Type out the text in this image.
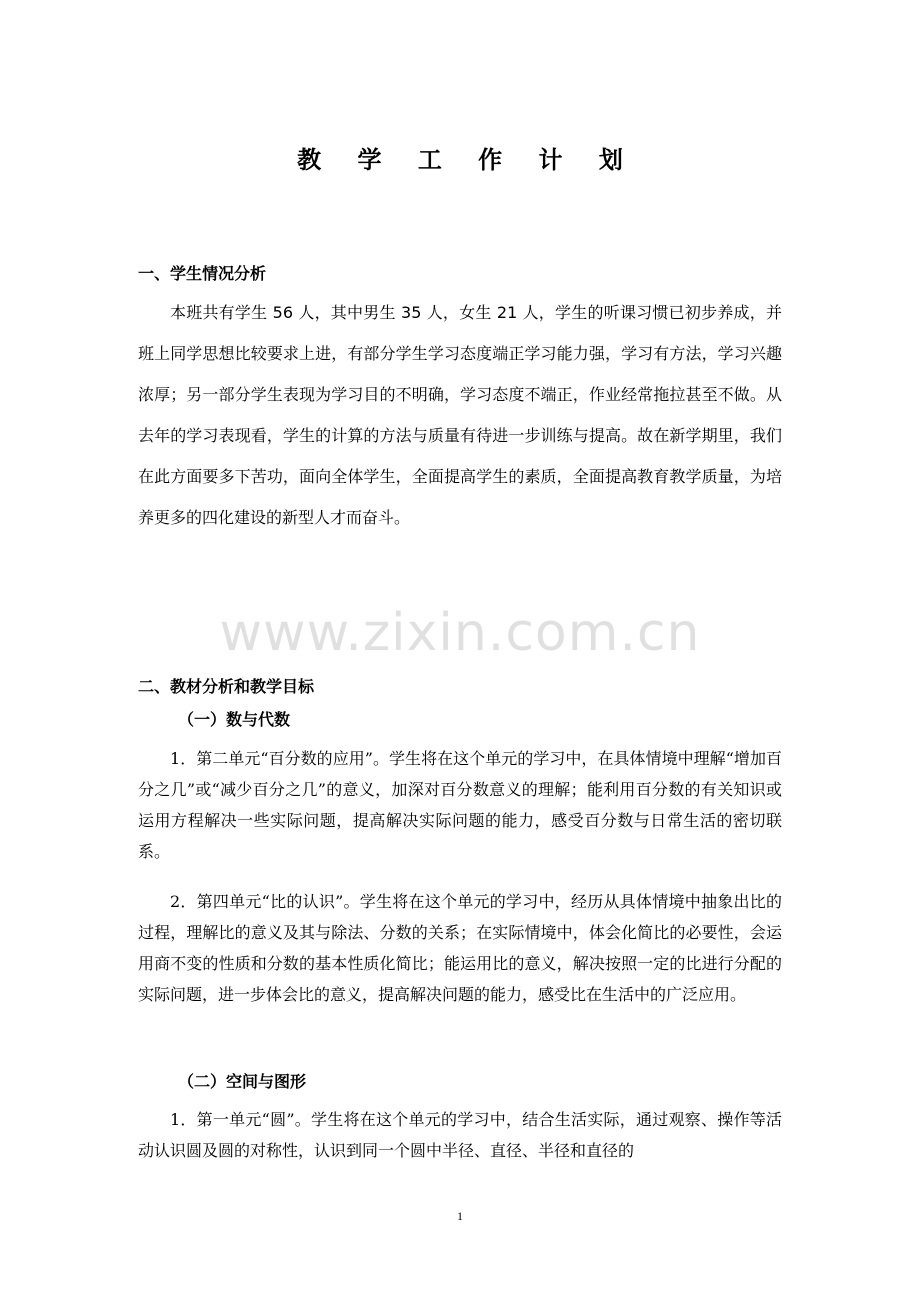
教 学 工 作 计 划
一、学生情况分析

本班共有学生 56 人，其中男生 35 人，女生 21 人，学生的听课习惯已初步养成，并班上同学思想比较要求上进，有部分学生学习态度端正学习能力强，学习有方法，学习兴趣浓厚；另一部分学生表现为学习目的不明确，学习态度不端正，作业经常拖拉甚至不做。从去年的学习表现看，学生的计算的方法与质量有待进一步训练与提高。故在新学期里，我们在此方面要多下苦功，面向全体学生，全面提高学生的素质，全面提高教育教学质量，为培养更多的四化建设的新型人才而奋斗。

www.zixin.com.cn
二、教材分析和教学目标
（一）数与代数

1．第二单元“百分数的应用”。学生将在这个单元的学习中，在具体情境中理解“增加百分之几”或“减少百分之几”的意义，加深对百分数意义的理解；能利用百分数的有关知识或运用方程解决一些实际问题，提高解决实际问题的能力，感受百分数与日常生活的密切联系。

2．第四单元“比的认识”。学生将在这个单元的学习中，经历从具体情境中抽象出比的过程，理解比的意义及其与除法、分数的关系；在实际情境中，体会化简比的必要性，会运用商不变的性质和分数的基本性质化简比；能运用比的意义，解决按照一定的比进行分配的实际问题，进一步体会比的意义，提高解决问题的能力，感受比在生活中的广泛应用。

（二）空间与图形

1．第一单元“圆”。学生将在这个单元的学习中，结合生活实际，通过观察、操作等活动认识圆及圆的对称性，认识到同一个圆中半径、直径、半径和直径的

1
